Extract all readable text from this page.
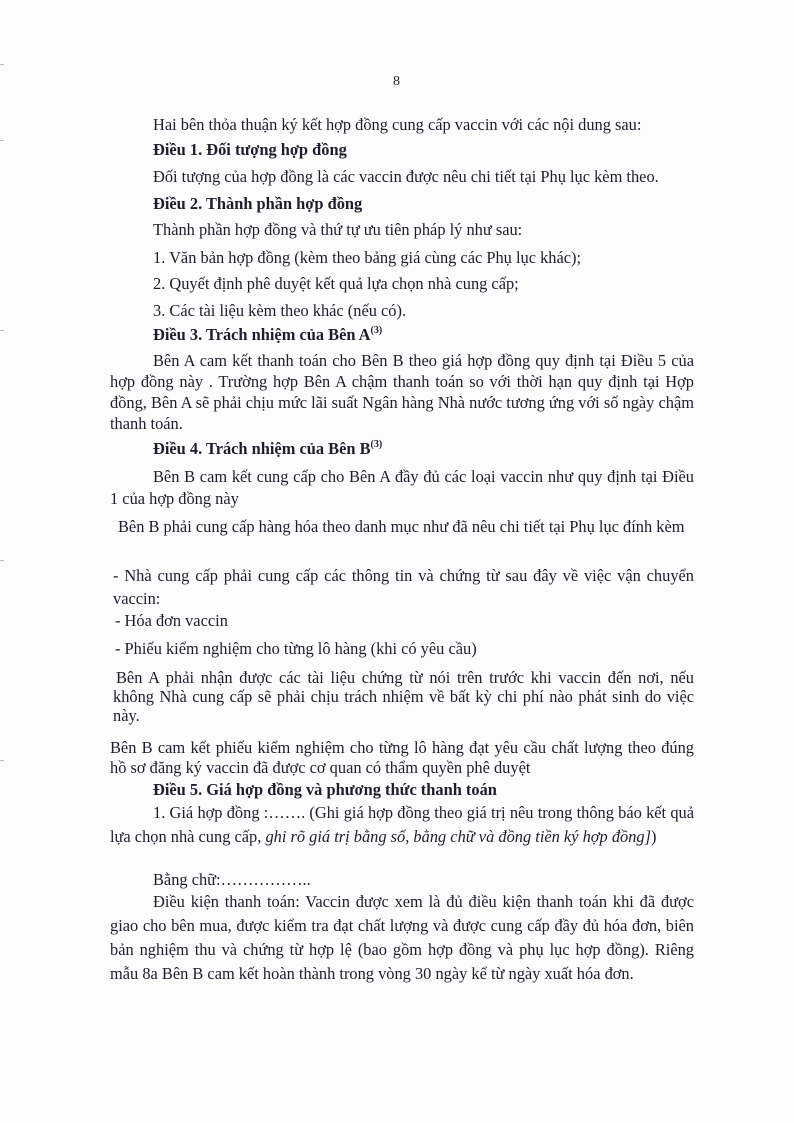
8
Hai bên thỏa thuận ký kết hợp đồng cung cấp vaccin với các nội dung sau:
Điều 1. Đối tượng hợp đồng
Đối tượng của hợp đồng là các vaccin được nêu chi tiết tại Phụ lục kèm theo.
Điều 2. Thành phần hợp đồng
Thành phần hợp đồng và thứ tự ưu tiên pháp lý như sau:
1. Văn bản hợp đồng (kèm theo bảng giá cùng các Phụ lục khác);
2. Quyết định phê duyệt kết quả lựa chọn nhà cung cấp;
3. Các tài liệu kèm theo khác (nếu có).
Điều 3. Trách nhiệm của Bên $A^{(3)}$
Bên A cam kết thanh toán cho Bên B theo giá hợp đồng quy định tại Điều 5 của hợp đồng này . Trường hợp Bên A chậm thanh toán so với thời hạn quy định tại Hợp đồng, Bên A sẽ phải chịu mức lãi suất Ngân hàng Nhà nước tương ứng với số ngày chậm thanh toán.
Điều 4. Trách nhiệm của Bên $B^{(3)}$
Bên B cam kết cung cấp cho Bên A đầy đủ các loại vaccin như quy định tại Điều 1 của hợp đồng này
Bên B phải cung cấp hàng hóa theo danh mục như đã nêu chi tiết tại Phụ lục đính kèm
- Nhà cung cấp phải cung cấp các thông tin và chứng từ sau đây về việc vận chuyển vaccin:
- Hóa đơn vaccin
- Phiếu kiểm nghiệm cho từng lô hàng (khi có yêu cầu)
Bên A phải nhận được các tài liệu chứng từ nói trên trước khi vaccin đến nơi, nếu không Nhà cung cấp sẽ phải chịu trách nhiệm về bất kỳ chi phí nào phát sinh do việc này.
Bên B cam kết phiếu kiểm nghiệm cho từng lô hàng đạt yêu cầu chất lượng theo đúng hồ sơ đăng ký vaccin đã được cơ quan có thẩm quyền phê duyệt
Điều 5. Giá hợp đồng và phương thức thanh toán
1. Giá hợp đồng :……. (Ghi giá hợp đồng theo giá trị nêu trong thông báo kết quả lựa chọn nhà cung cấp, ghi rõ giá trị bằng số, bằng chữ và đồng tiền ký hợp đồng])
Bằng chữ:……………..
Điều kiện thanh toán: Vaccin được xem là đủ điều kiện thanh toán khi đã được giao cho bên mua, được kiểm tra đạt chất lượng và được cung cấp đầy đủ hóa đơn, biên bản nghiệm thu và chứng từ hợp lệ (bao gồm hợp đồng và phụ lục hợp đồng). Riêng mẫu 8a Bên B cam kết hoàn thành trong vòng 30 ngày kể từ ngày xuất hóa đơn.
